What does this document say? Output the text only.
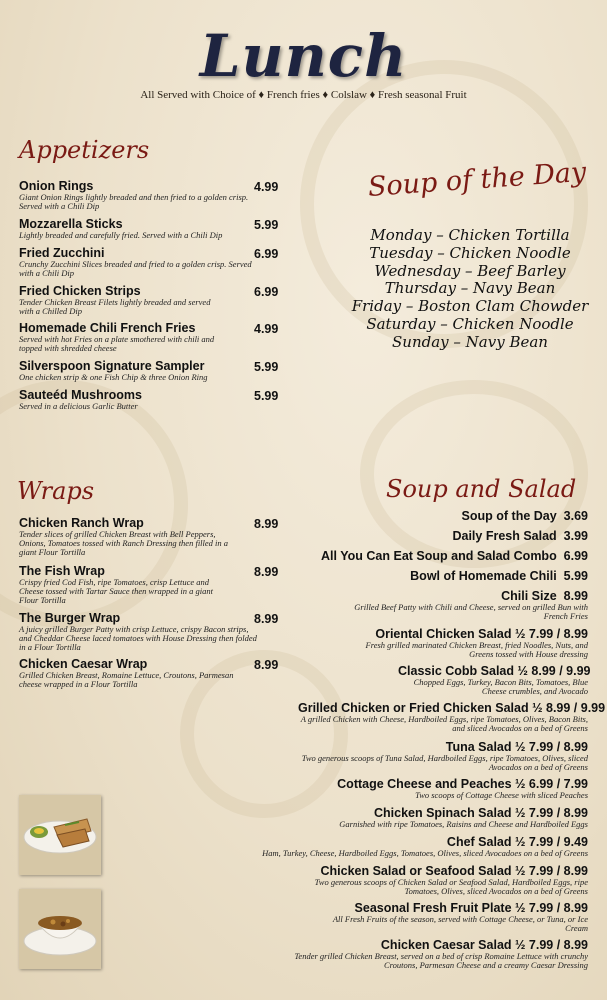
Lunch
All Served with Choice of ♦ French fries ♦ Colslaw ♦ Fresh seasonal Fruit
Appetizers
Onion Rings
Giant Onion Rings lightly breaded and then fried to a golden crisp. Served with a Chili Dip
4.99
Mozzarella Sticks
Lightly breaded and carefully fried. Served with a Chili Dip
5.99
Fried Zucchini
Crunchy Zucchini Slices breaded and fried to a golden crisp. Served with a Chili Dip
6.99
Fried Chicken Strips
Tender Chicken Breast Filets lightly breaded and served with a Chilled Dip
6.99
Homemade Chili French Fries
Served with hot Fries on a plate smothered with chili and topped with shredded cheese
4.99
Silverspoon Signature Sampler
One chicken strip & one Fish Chip & three Onion Ring
5.99
Sauteéd Mushrooms
Served in a delicious Garlic Butter
5.99
Soup of the Day
Monday – Chicken Tortilla
Tuesday – Chicken Noodle
Wednesday – Beef Barley
Thursday – Navy Bean
Friday – Boston Clam Chowder
Saturday – Chicken Noodle
Sunday – Navy Bean
Wraps
Chicken Ranch Wrap
Tender slices of grilled Chicken Breast with Bell Peppers, Onions, Tomatoes tossed with Ranch Dressing then filled in a giant Flour Tortilla
8.99
The Fish Wrap
Crispy fried Cod Fish, ripe Tomatoes, crisp Lettuce and Cheese tossed with Tartar Sauce then wrapped in a giant Flour Tortilla
8.99
The Burger Wrap
A juicy grilled Burger Patty with crisp Lettuce, crispy Bacon strips, and Cheddar Cheese laced tomatoes with House Dressing then folded in a Flour Tortilla
8.99
Chicken Caesar Wrap
Grilled Chicken Breast, Romaine Lettuce, Croutons, Parmesan cheese wrapped in a Flour Tortilla
8.99
Soup and Salad
Soup of the Day 3.69
Daily Fresh Salad 3.99
All You Can Eat Soup and Salad Combo 6.99
Bowl of Homemade Chili 5.99
Chili Size 8.99
Grilled Beef Patty with Chili and Cheese, served on grilled Bun with French Fries
Oriental Chicken Salad ½ 7.99 / 8.99
Fresh grilled marinated Chicken Breast, fried Noodles, Nuts, and Greens tossed with House dressing
Classic Cobb Salad ½ 8.99 / 9.99
Chopped Eggs, Turkey, Bacon Bits, Tomatoes, Blue Cheese crumbles, and Avocado
Grilled Chicken or Fried Chicken Salad ½ 8.99 / 9.99
A grilled Chicken with Cheese, Hardboiled Eggs, ripe Tomatoes, Olives, Bacon Bits, and sliced Avocados on a bed of Greens
Tuna Salad ½ 7.99 / 8.99
Two generous scoops of Tuna Salad, Hardboiled Eggs, ripe Tomatoes, Olives, sliced Avocados on a bed of Greens
Cottage Cheese and Peaches ½ 6.99 / 7.99
Two scoops of Cottage Cheese with sliced Peaches
Chicken Spinach Salad ½ 7.99 / 8.99
Garnished with ripe Tomatoes, Raisins and Cheese and Hardboiled Eggs
Chef Salad ½ 7.99 / 9.49
Ham, Turkey, Cheese, Hardboiled Eggs, Tomatoes, Olives, sliced Avocadoes on a bed of Greens
Chicken Salad or Seafood Salad ½ 7.99 / 8.99
Two generous scoops of Chicken Salad or Seafood Salad, Hardboiled Eggs, ripe Tomatoes, Olives, sliced Avocados on a bed of Greens
Seasonal Fresh Fruit Plate ½ 7.99 / 8.99
All Fresh Fruits of the season, served with Cottage Cheese, or Tuna, or Ice Cream
Chicken Caesar Salad ½ 7.99 / 8.99
Tender grilled Chicken Breast, served on a bed of crisp Romaine Lettuce with crunchy Croutons, Parmesan Cheese and a creamy Caesar Dressing
